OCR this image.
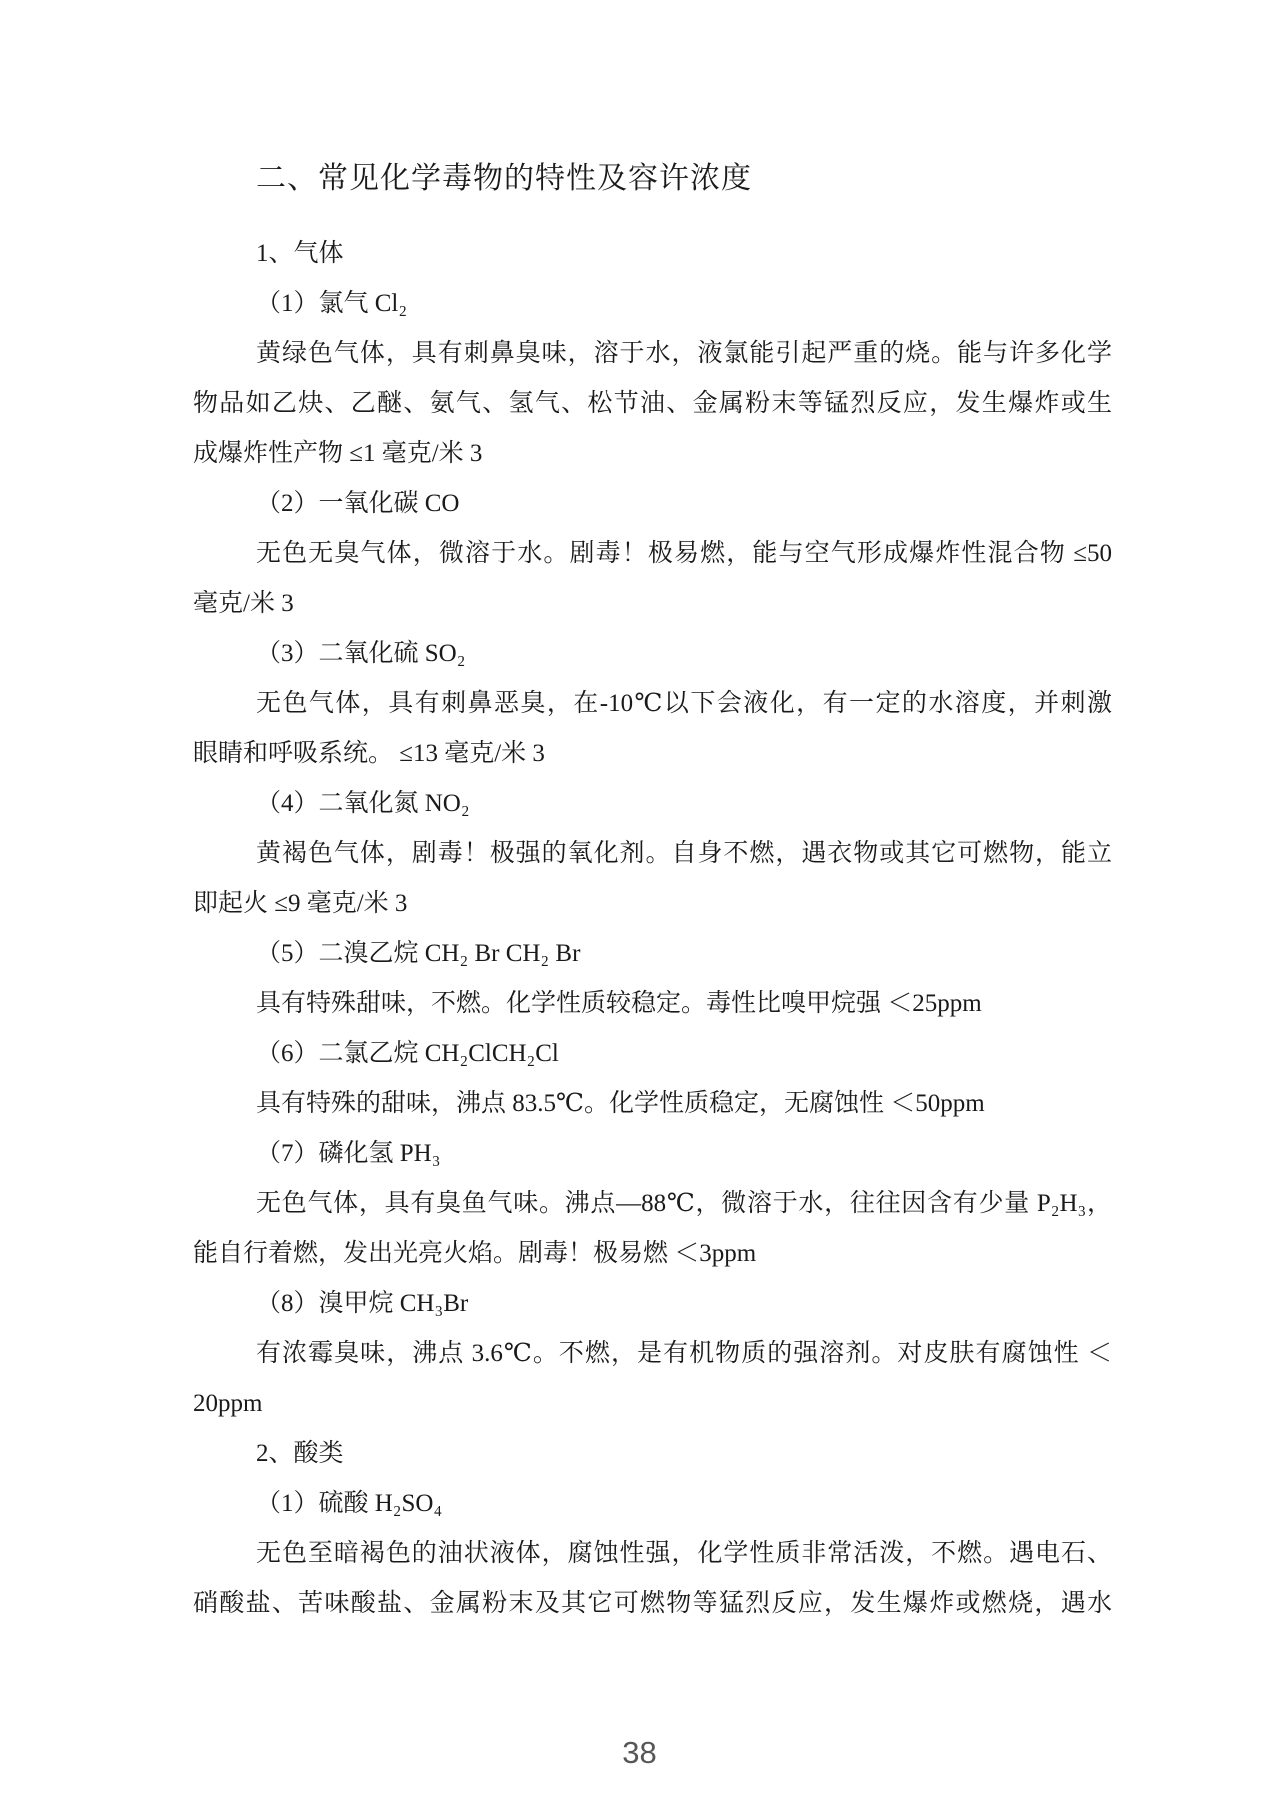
二、常见化学毒物的特性及容许浓度
1、气体
（1）氯气 Cl₂
黄绿色气体，具有刺鼻臭味，溶于水，液氯能引起严重的烧。能与许多化学
物品如乙炔、乙醚、氨气、氢气、松节油、金属粉末等锰烈反应，发生爆炸或生
成爆炸性产物 ≤1 毫克/米 3
（2）一氧化碳 CO
无色无臭气体，微溶于水。剧毒！极易燃，能与空气形成爆炸性混合物 ≤50
毫克/米 3
（3）二氧化硫 SO₂
无色气体，具有刺鼻恶臭，在-10℃以下会液化，有一定的水溶度，并刺激
眼睛和呼吸系统。 ≤13 毫克/米 3
（4）二氧化氮 NO₂
黄褐色气体，剧毒！极强的氧化剂。自身不燃，遇衣物或其它可燃物，能立
即起火 ≤9 毫克/米 3
（5）二溴乙烷 CH₂ Br CH₂ Br
具有特殊甜味，不燃。化学性质较稳定。毒性比嗅甲烷强 ＜25ppm
（6）二氯乙烷 CH₂ClCH₂Cl
具有特殊的甜味，沸点 83.5℃。化学性质稳定，无腐蚀性 ＜50ppm
（7）磷化氢 PH₃
无色气体，具有臭鱼气味。沸点—88℃，微溶于水，往往因含有少量 P₂H₃，
能自行着燃，发出光亮火焰。剧毒！极易燃 ＜3ppm
（8）溴甲烷 CH₃Br
有浓霉臭味，沸点 3.6℃。不燃，是有机物质的强溶剂。对皮肤有腐蚀性 ＜
20ppm
2、酸类
（1）硫酸 H₂SO₄
无色至暗褐色的油状液体，腐蚀性强，化学性质非常活泼，不燃。遇电石、
硝酸盐、苦味酸盐、金属粉末及其它可燃物等猛烈反应，发生爆炸或燃烧，遇水
38
